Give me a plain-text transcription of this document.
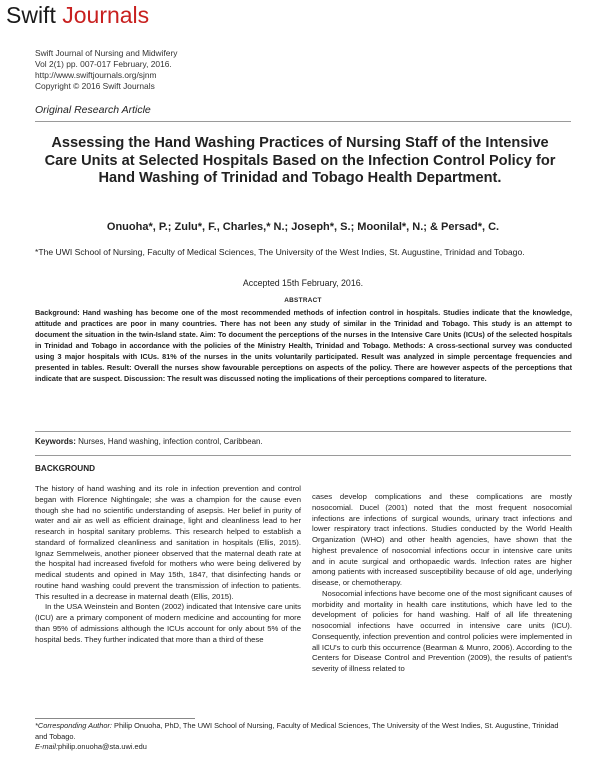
Swift Journals
Swift Journal of Nursing and Midwifery
Vol 2(1) pp. 007-017 February, 2016.
http://www.swiftjournals.org/sjnm
Copyright © 2016 Swift Journals
Original Research Article
Assessing the Hand Washing Practices of Nursing Staff of the Intensive Care Units at Selected Hospitals Based on the Infection Control Policy for Hand Washing of Trinidad and Tobago Health Department.
Onuoha*, P.; Zulu*, F., Charles,* N.; Joseph*, S.; Moonilal*, N.; & Persad*, C.
*The UWI School of Nursing, Faculty of Medical Sciences, The University of the West Indies, St. Augustine, Trinidad and Tobago.
Accepted 15th February, 2016.
ABSTRACT
Background: Hand washing has become one of the most recommended methods of infection control in hospitals. Studies indicate that the knowledge, attitude and practices are poor in many countries. There has not been any study of similar in the Trinidad and Tobago. This study is an attempt to document the situation in the twin-Island state. Aim: To document the perceptions of the nurses in the Intensive Care Units (ICUs) of the selected hospitals in Trinidad and Tobago in accordance with the policies of the Ministry Health, Trinidad and Tobago. Methods: A cross-sectional survey was conducted using 3 major hospitals with ICUs. 81% of the nurses in the units voluntarily participated. Result was analyzed in simple percentage frequencies and presented in tables. Result: Overall the nurses show favourable perceptions on aspects of the policy. There are however aspects of the perceptions that indicate that are suspect. Discussion: The result was discussed noting the implications of their perceptions compared to literature.
Keywords: Nurses, Hand washing, infection control, Caribbean.
BACKGROUND

The history of hand washing and its role in infection prevention and control began with Florence Nightingale; she was a champion for the cause even though she had no scientific understanding of asepsis. Her belief in purity of water and air as well as efficient drainage, light and cleanliness lead to her research in hospital sanitary problems. This research helped to establish a standard of formalized cleanliness and sanitation in hospitals (Ellis, 2015). Ignaz Semmelweis, another pioneer observed that the maternal death rate at the hospital had increased fivefold for mothers who were being delivered by medical students and opined in May 15th, 1847, that disinfecting hands or routine hand washing could prevent the transmission of infection to patients. This resulted in a decrease in maternal death (Ellis, 2015).

In the USA Weinstein and Bonten (2002) indicated that Intensive care units (ICU) are a primary component of modern medicine and accounting for more than 95% of admissions although the ICUs account for only about 5% of the hospital beds. They further indicated that more than a third of these

cases develop complications and these complications are mostly nosocomial. Ducel (2001) noted that the most frequent nosocomial infections are infections of surgical wounds, urinary tract infections and lower respiratory tract infections. Studies conducted by the World Health Organization (WHO) and other health agencies, have shown that the highest prevalence of nosocomial infections occur in intensive care units and in acute surgical and orthopaedic wards. Infection rates are higher among patients with increased susceptibility because of old age, underlying disease, or chemotherapy.

Nosocomial infections have become one of the most significant causes of morbidity and mortality in health care institutions, which have led to the development of policies for hand washing. Half of all life threatening nosocomial infections have occurred in intensive care units (ICU). Consequently, infection prevention and control policies were implemented in all ICU's to curb this occurrence (Bearman & Munro, 2006). According to the Centers for Disease Control and Prevention (2009), the results of patient's severity of illness related to

*Corresponding Author: Philip Onuoha, PhD, The UWI School of Nursing, Faculty of Medical Sciences, The University of the West Indies, St. Augustine, Trinidad and Tobago.
E-mail:philip.onuoha@sta.uwi.edu
